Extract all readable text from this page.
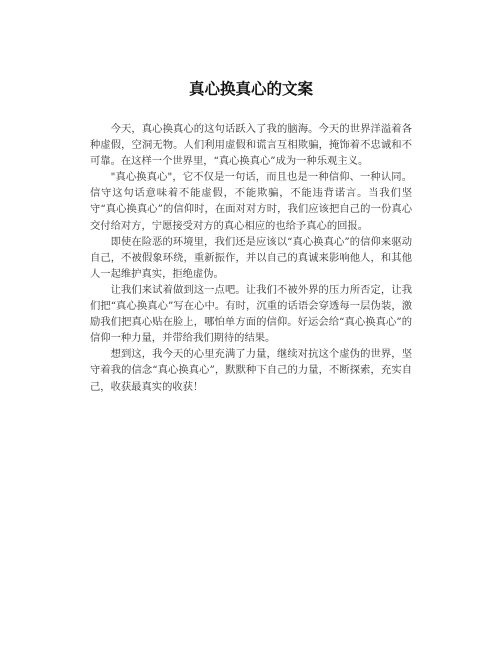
真心换真心的文案

今天，真心换真心的这句话跃入了我的脑海。今天的世界洋溢着各种虚假，空洞无物。人们利用虚假和谎言互相欺骗，掩饰着不忠诚和不可靠。在这样一个世界里，“真心换真心”成为一种乐观主义。

"真心换真心"，它不仅是一句话，而且也是一种信仰、一种认同。信守这句话意味着不能虚假，不能欺骗，不能违背诺言。当我们坚守“真心换真心”的信仰时，在面对对方时，我们应该把自己的一份真心交付给对方，宁愿接受对方的真心相应的也给予真心的回报。

即使在险恶的环境里，我们还是应该以“真心换真心”的信仰来驱动自己，不被假象环绕，重新振作，并以自己的真诚来影响他人，和其他人一起维护真实，拒绝虚伪。

让我们来试着做到这一点吧。让我们不被外界的压力所否定，让我们把“真心换真心”写在心中。有时，沉重的话语会穿透每一层伪装，激励我们把真心贴在脸上，哪怕单方面的信仰。好运会给“真心换真心”的信仰一种力量，并带给我们期待的结果。

想到这，我今天的心里充满了力量，继续对抗这个虚伪的世界，坚守着我的信念“真心换真心”，默默种下自己的力量，不断探索，充实自己，收获最真实的收获！
